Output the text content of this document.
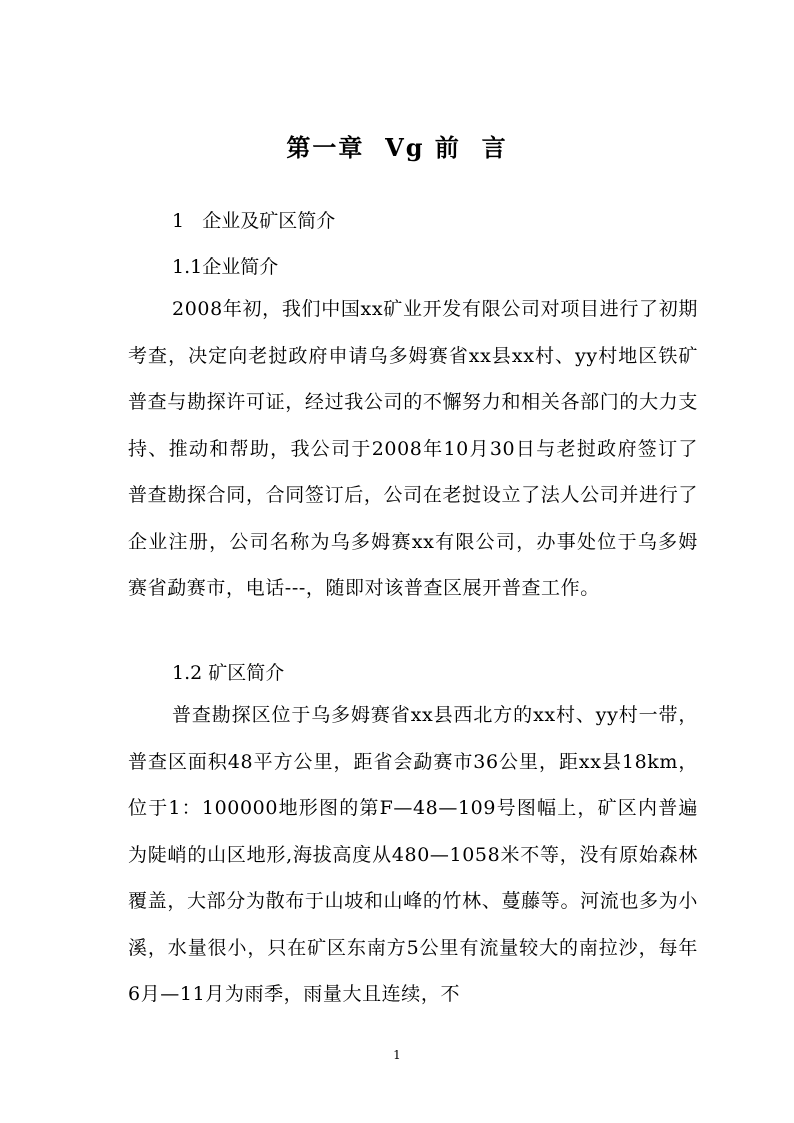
第一章  Vg 前  言
1   企业及矿区简介
1.1企业简介

2008年初，我们中国xx矿业开发有限公司对项目进行了初期考查，决定向老挝政府申请乌多姆赛省xx县xx村、yy村地区铁矿普查与勘探许可证，经过我公司的不懈努力和相关各部门的大力支持、推动和帮助，我公司于2008年10月30日与老挝政府签订了普查勘探合同，合同签订后，公司在老挝设立了法人公司并进行了企业注册，公司名称为乌多姆赛xx有限公司，办事处位于乌多姆赛省勐赛市，电话---，随即对该普查区展开普查工作。

1.2 矿区简介

普查勘探区位于乌多姆赛省xx县西北方的xx村、yy村一带，普查区面积48平方公里，距省会勐赛市36公里，距xx县18km，位于1：100000地形图的第F—48—109号图幅上，矿区内普遍为陡峭的山区地形,海拔高度从480—1058米不等，没有原始森林覆盖，大部分为散布于山坡和山峰的竹林、蔓藤等。河流也多为小溪，水量很小，只在矿区东南方5公里有流量较大的南拉沙，每年6月—11月为雨季，雨量大且连续，不

1
